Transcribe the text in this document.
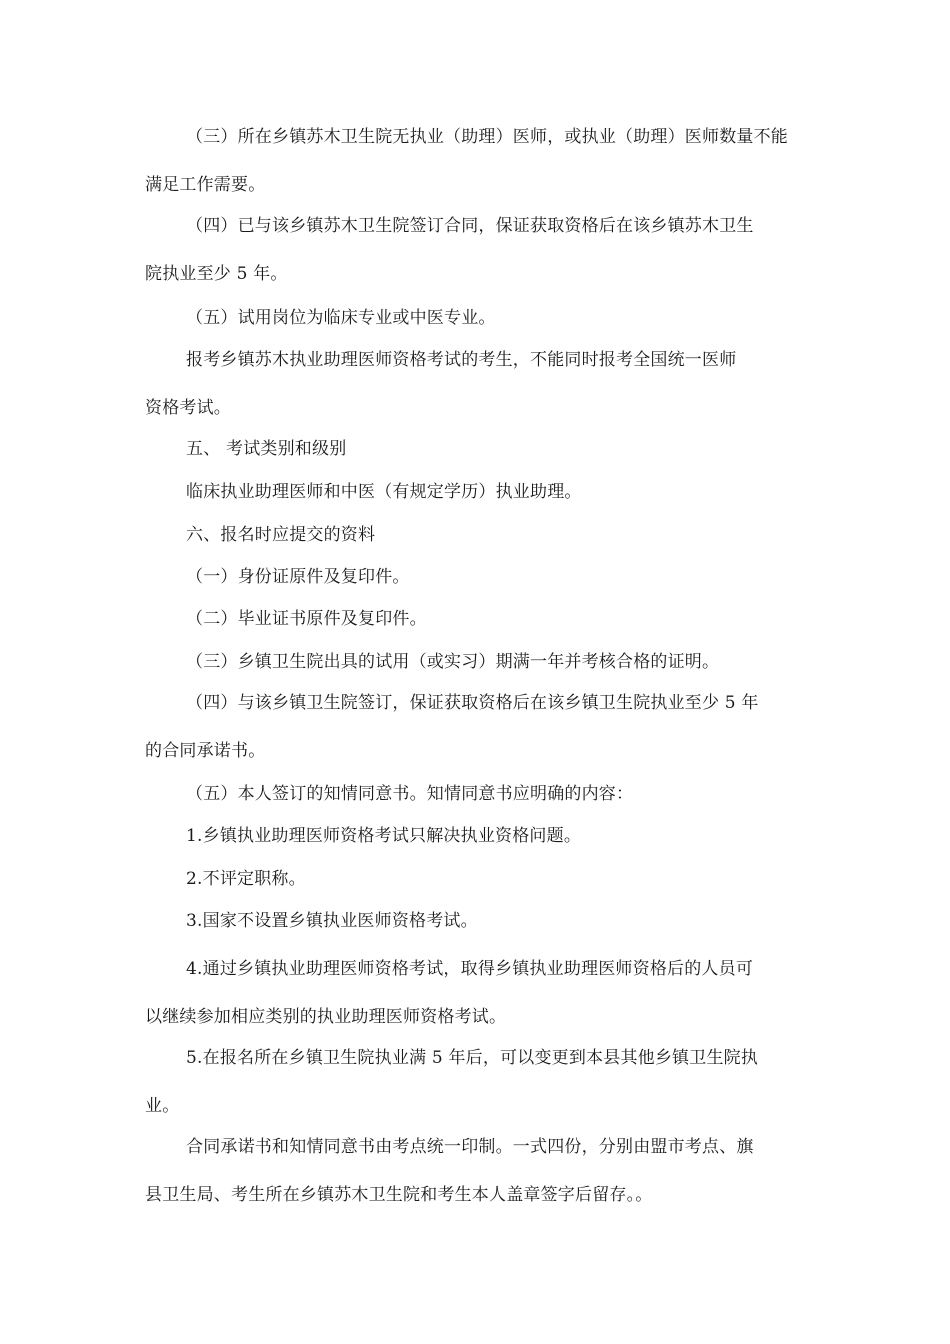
（三）所在乡镇苏木卫生院无执业（助理）医师，或执业（助理）医师数量不能

满足工作需要。

（四）已与该乡镇苏木卫生院签订合同，保证获取资格后在该乡镇苏木卫生

院执业至少 5 年。

（五）试用岗位为临床专业或中医专业。

报考乡镇苏木执业助理医师资格考试的考生，不能同时报考全国统一医师

资格考试。

五、 考试类别和级别

临床执业助理医师和中医（有规定学历）执业助理。

六、报名时应提交的资料

（一）身份证原件及复印件。

（二）毕业证书原件及复印件。

（三）乡镇卫生院出具的试用（或实习）期满一年并考核合格的证明。

（四）与该乡镇卫生院签订，保证获取资格后在该乡镇卫生院执业至少 5 年

的合同承诺书。

（五）本人签订的知情同意书。知情同意书应明确的内容：

1.乡镇执业助理医师资格考试只解决执业资格问题。

2.不评定职称。

3.国家不设置乡镇执业医师资格考试。

4.通过乡镇执业助理医师资格考试，取得乡镇执业助理医师资格后的人员可

以继续参加相应类别的执业助理医师资格考试。

5.在报名所在乡镇卫生院执业满 5 年后，可以变更到本县其他乡镇卫生院执

业。

合同承诺书和知情同意书由考点统一印制。一式四份，分别由盟市考点、旗

县卫生局、考生所在乡镇苏木卫生院和考生本人盖章签字后留存。。
